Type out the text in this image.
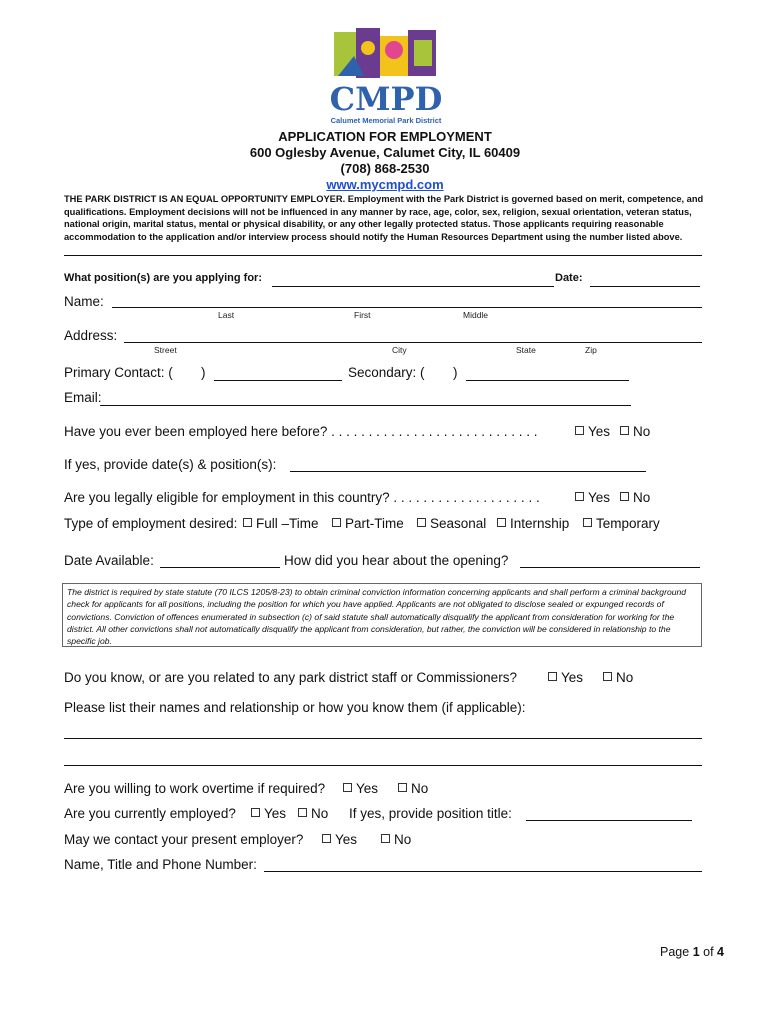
CMPD
Calumet Memorial Park District
APPLICATION FOR EMPLOYMENT
600 Oglesby Avenue, Calumet City, IL 60409
(708) 868-2530
www.mycmpd.com
THE PARK DISTRICT IS AN EQUAL OPPORTUNITY EMPLOYER. Employment with the Park District is governed based on merit, competence, and qualifications. Employment decisions will not be influenced in any manner by race, age, color, sex, religion, sexual orientation, veteran status, national origin, marital status, mental or physical disability, or any other legally protected status. Those applicants requiring reasonable accommodation to the application and/or interview process should notify the Human Resources Department using the number listed above.
What position(s) are you applying for:	Date:
Name:
Last	First	Middle
Address:
Street	City	State	Zip
Primary Contact: ( )	Secondary: ( )
Email:
Have you ever been employed here before? . . . . . . . . . . . . . . . . . . . . . . . . . . . .	Yes	No
If yes, provide date(s) & position(s):
Are you legally eligible for employment in this country? . . . . . . . . . . . . . . . . . . . .	Yes	No
Type of employment desired:	Full –Time	Part-Time	Seasonal	Internship	Temporary
Date Available:	How did you hear about the opening?
The district is required by state statute (70 ILCS 1205/8-23) to obtain criminal conviction information concerning applicants and shall perform a criminal background check for applicants for all positions, including the position for which you have applied. Applicants are not obligated to disclose sealed or expunged records of convictions. Conviction of offences enumerated in subsection (c) of said statute shall automatically disqualify the applicant from consideration for working for the district. All other convictions shall not automatically disqualify the applicant from consideration, but rather, the conviction will be considered in relationship to the specific job.
Do you know, or are you related to any park district staff or Commissioners?	Yes	No
Please list their names and relationship or how you know them (if applicable):
Are you willing to work overtime if required?	Yes	No
Are you currently employed?	Yes	No If yes, provide position title:
May we contact your present employer?	Yes	No
Name, Title and Phone Number:
Page 1 of 4
